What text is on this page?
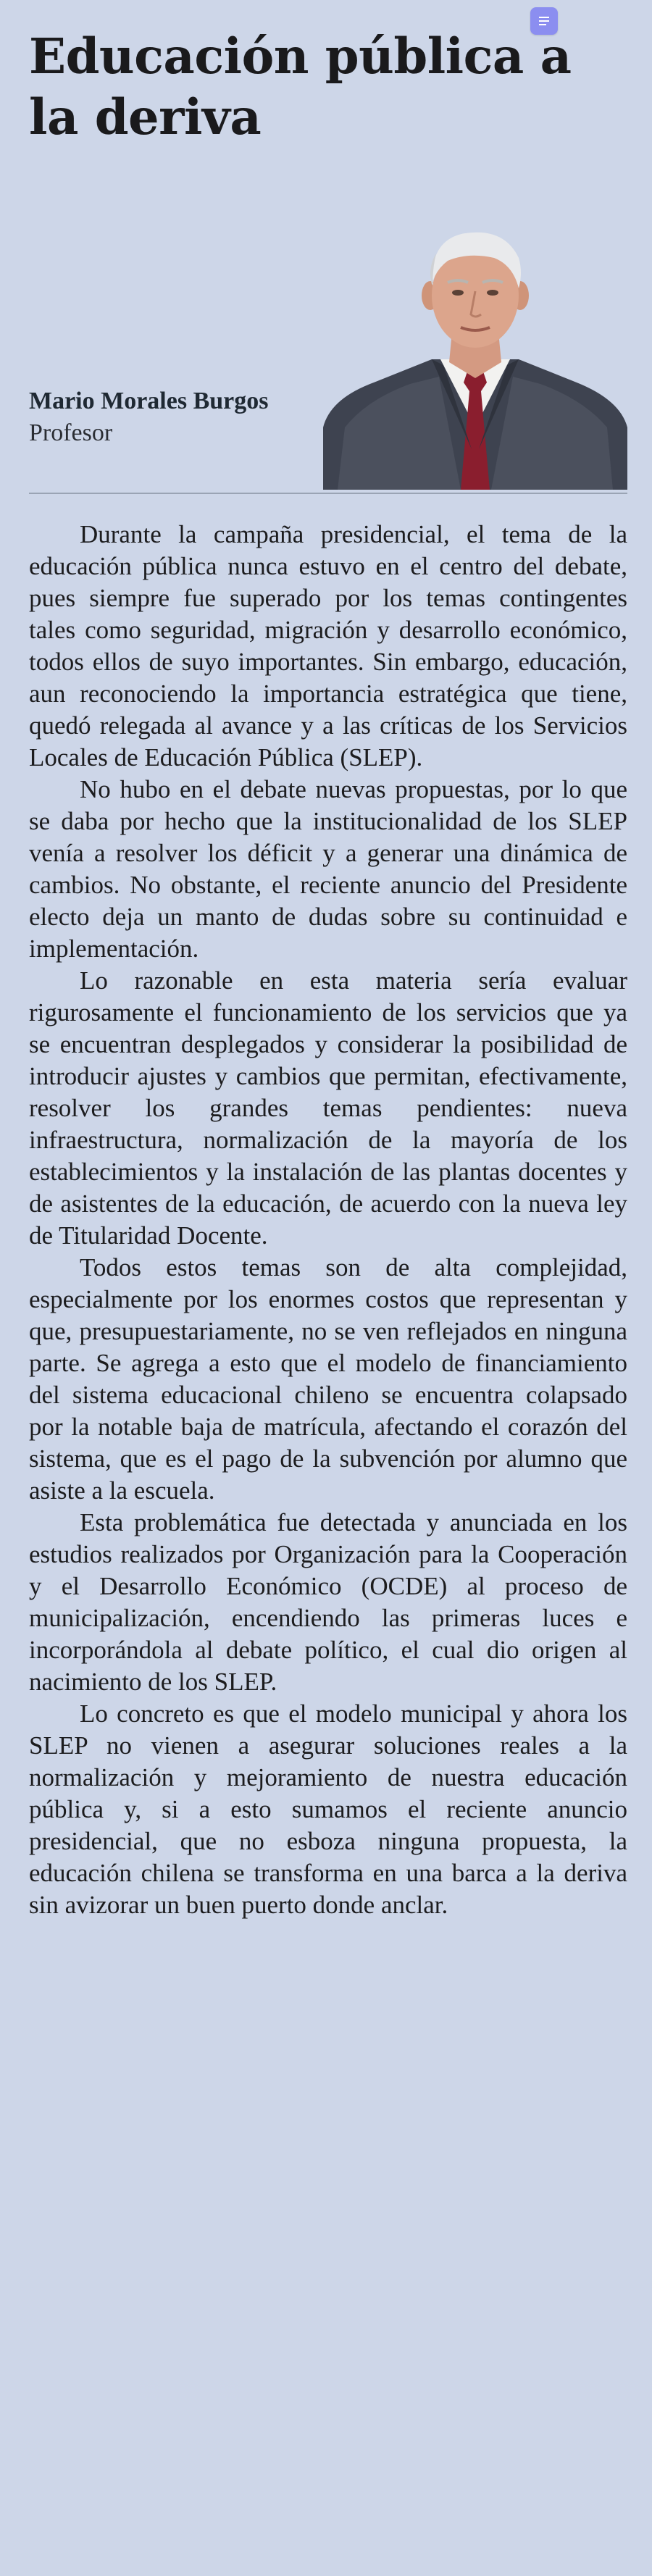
Educación pública a la deriva
Mario Morales Burgos
Profesor

Durante la campaña presidencial, el tema de la educación pública nunca estuvo en el centro del debate, pues siempre fue superado por los temas contingentes tales como seguridad, migración y desarrollo económico, todos ellos de suyo importantes. Sin embargo, educación, aun reconociendo la importancia estratégica que tiene, quedó relegada al avance y a las críticas de los Servicios Locales de Educación Pública (SLEP).

No hubo en el debate nuevas propuestas, por lo que se daba por hecho que la institucionalidad de los SLEP venía a resolver los déficit y a generar una dinámica de cambios. No obstante, el reciente anuncio del Presidente electo deja un manto de dudas sobre su continuidad e implementación.

Lo razonable en esta materia sería evaluar rigurosamente el funcionamiento de los servicios que ya se encuentran desplegados y considerar la posibilidad de introducir ajustes y cambios que permitan, efectivamente, resolver los grandes temas pendientes: nueva infraestructura, normalización de la mayoría de los establecimientos y la instalación de las plantas docentes y de asistentes de la educación, de acuerdo con la nueva ley de Titularidad Docente.

Todos estos temas son de alta complejidad, especialmente por los enormes costos que representan y que, presupuestariamente, no se ven reflejados en ninguna parte. Se agrega a esto que el modelo de financiamiento del sistema educacional chileno se encuentra colapsado por la notable baja de matrícula, afectando el corazón del sistema, que es el pago de la subvención por alumno que asiste a la escuela.

Esta problemática fue detectada y anunciada en los estudios realizados por Organización para la Cooperación y el Desarrollo Económico (OCDE) al proceso de municipalización, encendiendo las primeras luces e incorporándola al debate político, el cual dio origen al nacimiento de los SLEP.

Lo concreto es que el modelo municipal y ahora los SLEP no vienen a asegurar soluciones reales a la normalización y mejoramiento de nuestra educación pública y, si a esto sumamos el reciente anuncio presidencial, que no esboza ninguna propuesta, la educación chilena se transforma en una barca a la deriva sin avizorar un buen puerto donde anclar.
